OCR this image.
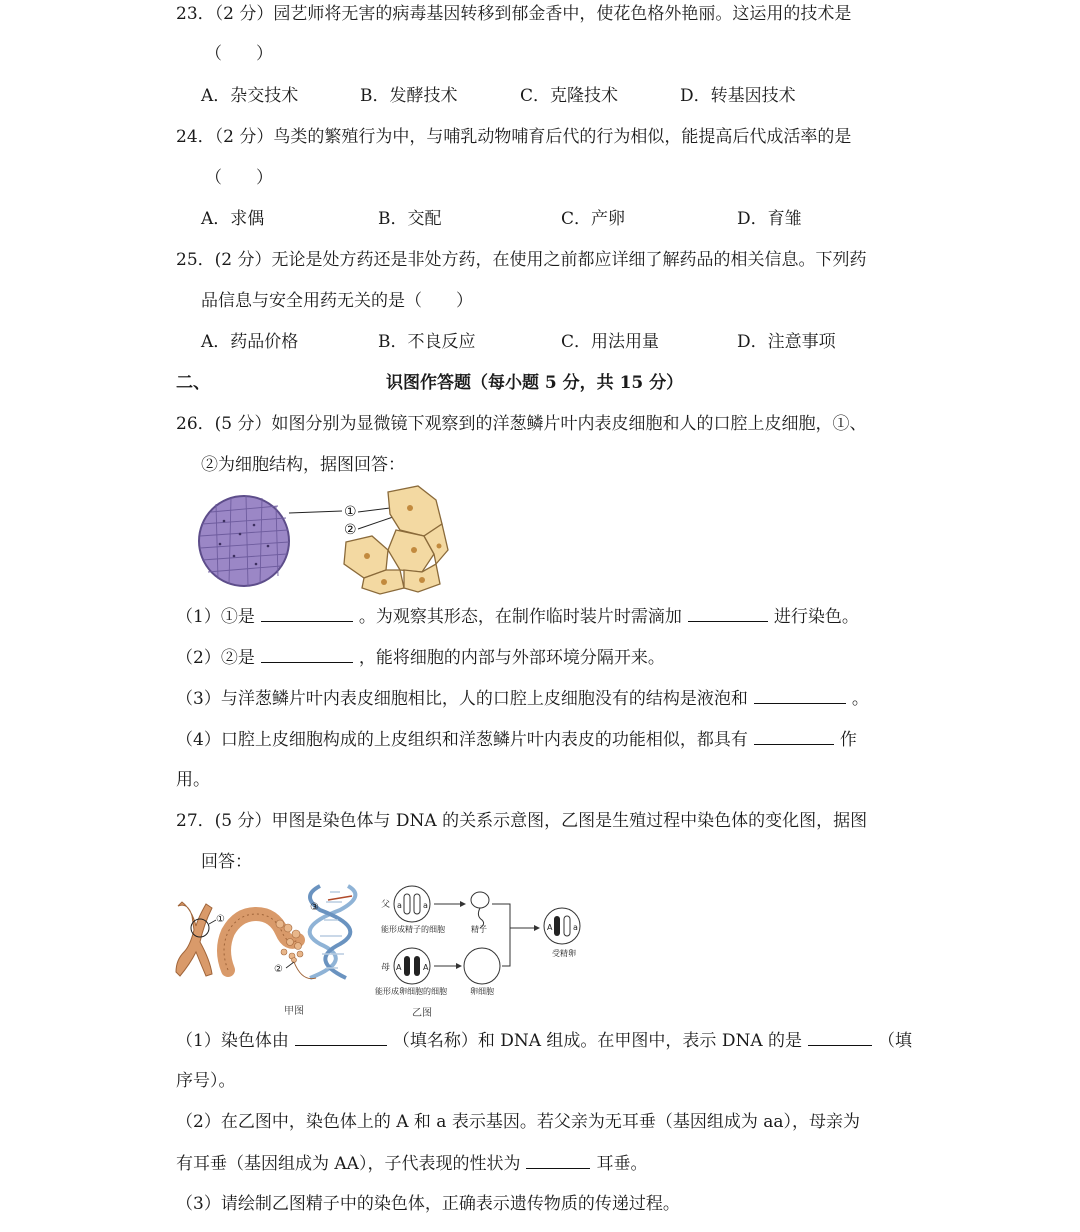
23．（2 分）园艺师将无害的病毒基因转移到郁金香中，使花色格外艳丽。这运用的技术是
（　　）
A．杂交技术	B．发酵技术	C．克隆技术	D．转基因技术
24．（2 分）鸟类的繁殖行为中，与哺乳动物哺育后代的行为相似，能提高后代成活率的是
（　　）
A．求偶	B．交配	C．产卵	D．育雏
25．(2 分）无论是处方药还是非处方药，在使用之前都应详细了解药品的相关信息。下列药
品信息与安全用药无关的是（　　）
A．药品价格	B．不良反应	C．用法用量	D．注意事项
二、	识图作答题（每小题 5 分，共 15 分）
26．(5 分）如图分别为显微镜下观察到的洋葱鳞片叶内表皮细胞和人的口腔上皮细胞，①、
②为细胞结构，据图回答：
①
②
（1）①是	。为观察其形态，在制作临时装片时需滴加	进行染色。
（2）②是	，能将细胞的内部与外部环境分隔开来。
（3）与洋葱鳞片叶内表皮细胞相比，人的口腔上皮细胞没有的结构是液泡和	。
（4）口腔上皮细胞构成的上皮组织和洋葱鳞片叶内表皮的功能相似，都具有	作
用。
27．(5 分）甲图是染色体与 DNA 的关系示意图，乙图是生殖过程中染色体的变化图，据图
回答：
①
②
③
甲图
父 a	a
能形成精子的细胞	精子
母 A	A
能形成卵细胞的细胞	卵细胞
A	a
受精卵
乙图
（1）染色体由	（填名称）和 DNA 组成。在甲图中，表示 DNA 的是	（填
序号）。
（2）在乙图中，染色体上的 A 和 a 表示基因。若父亲为无耳垂（基因组成为 aa），母亲为
有耳垂（基因组成为 AA），子代表现的性状为	耳垂。
（3）请绘制乙图精子中的染色体，正确表示遗传物质的传递过程。
